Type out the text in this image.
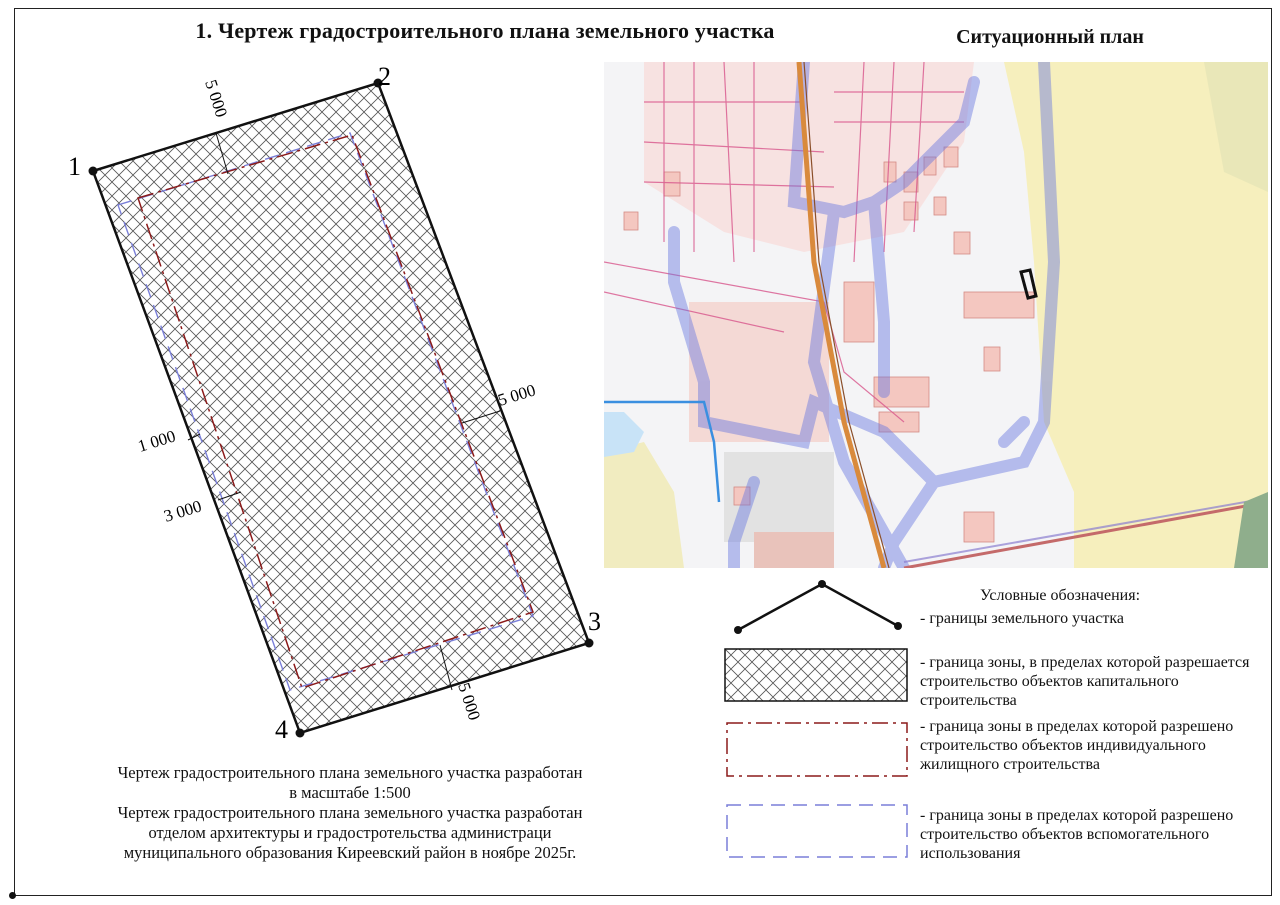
1. Чертеж градостроительного плана земельного участка	Ситуационный план
1
2
3
4
5 000
5 000
5 000
1 000
3 000
Условные обозначения:
- границы земельного участка
- граница зоны, в пределах которой разрешается строительство объектов капитального строительства
- граница зоны в пределах которой разрешено строительство объектов индивидуального жилищного строительства
- граница зоны в пределах которой разрешено строительство объектов вспомогательного использования
Чертеж градостроительного плана земельного участка разработан
в масштабе 1:500
Чертеж градостроительного плана земельного участка разработан
отделом архитектуры и градостротельства администраци
муниципального образования Киреевский район в ноябре 2025г.
